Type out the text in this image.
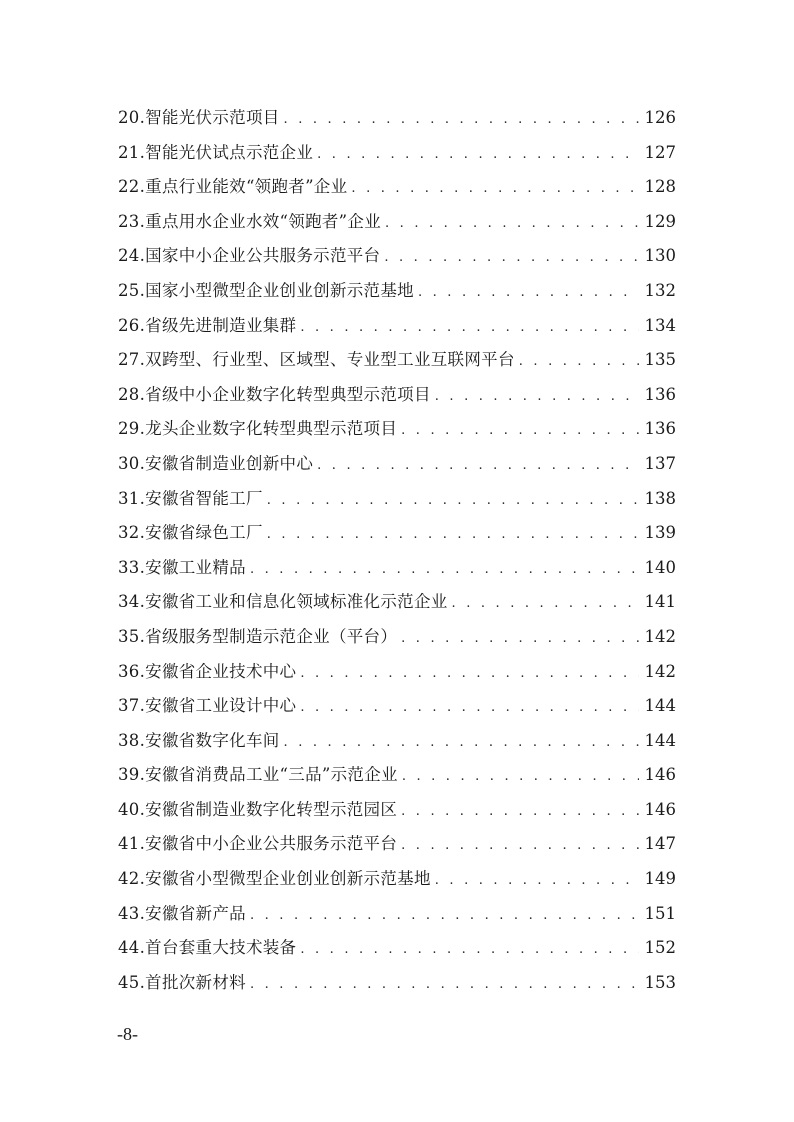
20.智能光伏示范项目 . . .	126
21.智能光伏试点示范企业 . . .	127
22.重点行业能效“领跑者”企业 . . .	128
23.重点用水企业水效“领跑者”企业 . . .	129
24.国家中小企业公共服务示范平台 . . .	130
25.国家小型微型企业创业创新示范基地 . . .	132
26.省级先进制造业集群 . . .	134
27.双跨型、行业型、区域型、专业型工业互联网平台 . . .	135
28.省级中小企业数字化转型典型示范项目 . . .	136
29.龙头企业数字化转型典型示范项目 . . .	136
30.安徽省制造业创新中心 . . .	137
31.安徽省智能工厂 . . .	138
32.安徽省绿色工厂 . . .	139
33.安徽工业精品 . . .	140
34.安徽省工业和信息化领域标准化示范企业 . . .	141
35.省级服务型制造示范企业（平台） . . .	142
36.安徽省企业技术中心 . . .	142
37.安徽省工业设计中心 . . .	144
38.安徽省数字化车间 . . .	144
39.安徽省消费品工业“三品”示范企业 . . .	146
40.安徽省制造业数字化转型示范园区 . . .	146
41.安徽省中小企业公共服务示范平台 . . .	147
42.安徽省小型微型企业创业创新示范基地 . . .	149
43.安徽省新产品 . . .	151
44.首台套重大技术装备 . . .	152
45.首批次新材料 . . .	153
-8-
